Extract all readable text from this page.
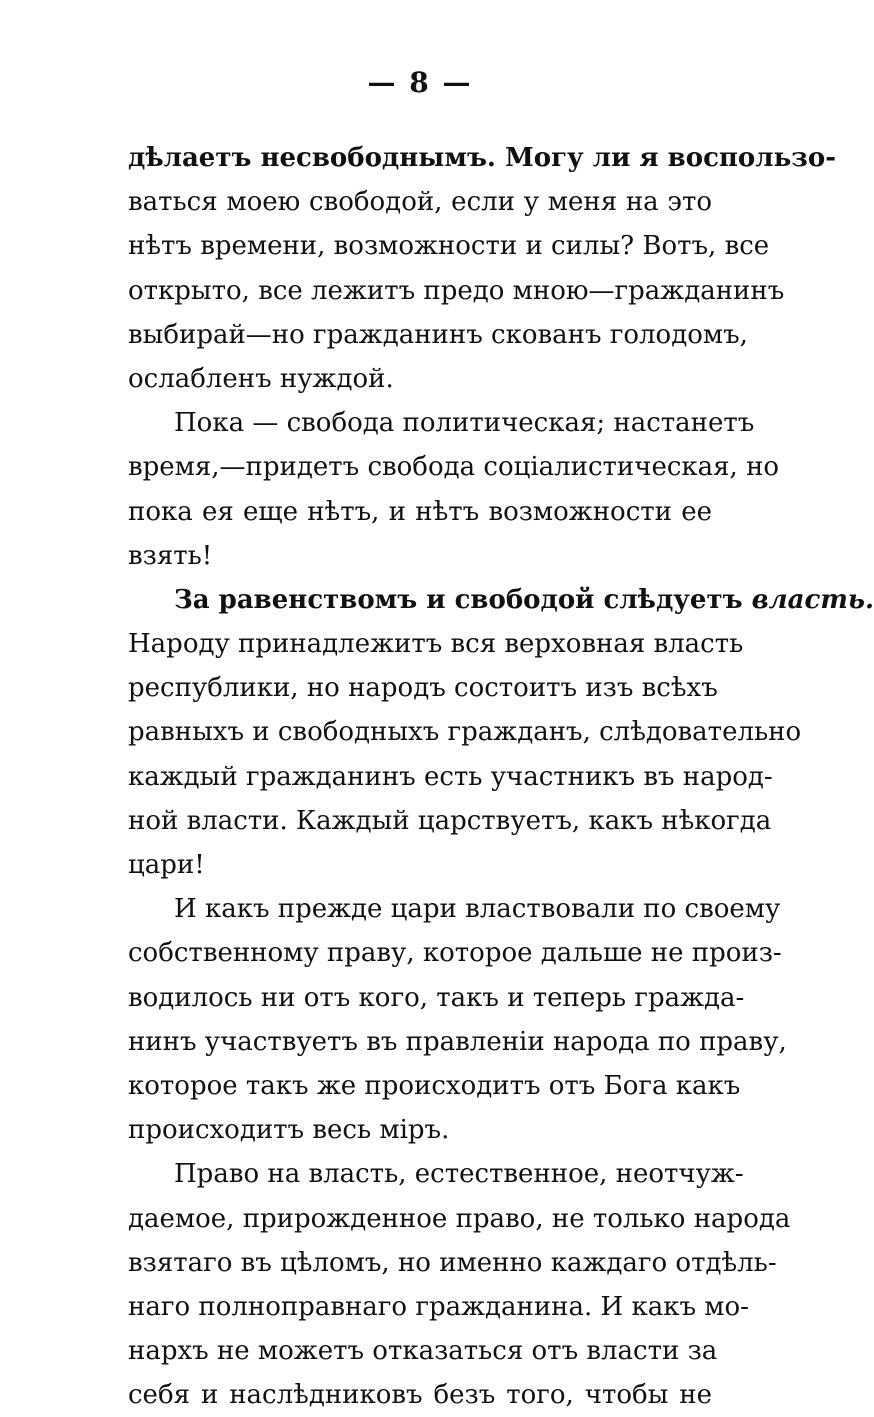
— 8 —
дѣлаетъ несвободнымъ. Могу ли я воспользо-
ваться моею свободой, если у меня на это
нѣтъ времени, возможности и силы? Вотъ, все
открыто, все лежитъ предо мною—гражданинъ
выбирай—но гражданинъ скованъ голодомъ,
ослабленъ нуждой.
Пока — свобода политическая; настанетъ
время,—придетъ свобода соціалистическая, но
пока ея еще нѣтъ, и нѣтъ возможности ее
взять!
За равенствомъ и свободой слѣдуетъ власть.
Народу принадлежитъ вся верховная власть
республики, но народъ состоитъ изъ всѣхъ
равныхъ и свободныхъ гражданъ, слѣдовательно
каждый гражданинъ есть участникъ въ народ-
ной власти. Каждый царствуетъ, какъ нѣкогда
цари!
И какъ прежде цари властвовали по своему
собственному праву, которое дальше не произ-
водилось ни отъ кого, такъ и теперь гражда-
нинъ участвуетъ въ правленіи народа по праву,
которое такъ же происходитъ отъ Бога какъ
происходитъ весь міръ.
Право на власть, естественное, неотчуж-
даемое, прирожденное право, не только народа
взятаго въ цѣломъ, но именно каждаго отдѣль-
наго полноправнаго гражданина. И какъ мо-
нархъ не можетъ отказаться отъ власти за
себя и наслѣдниковъ безъ того, чтобы не
